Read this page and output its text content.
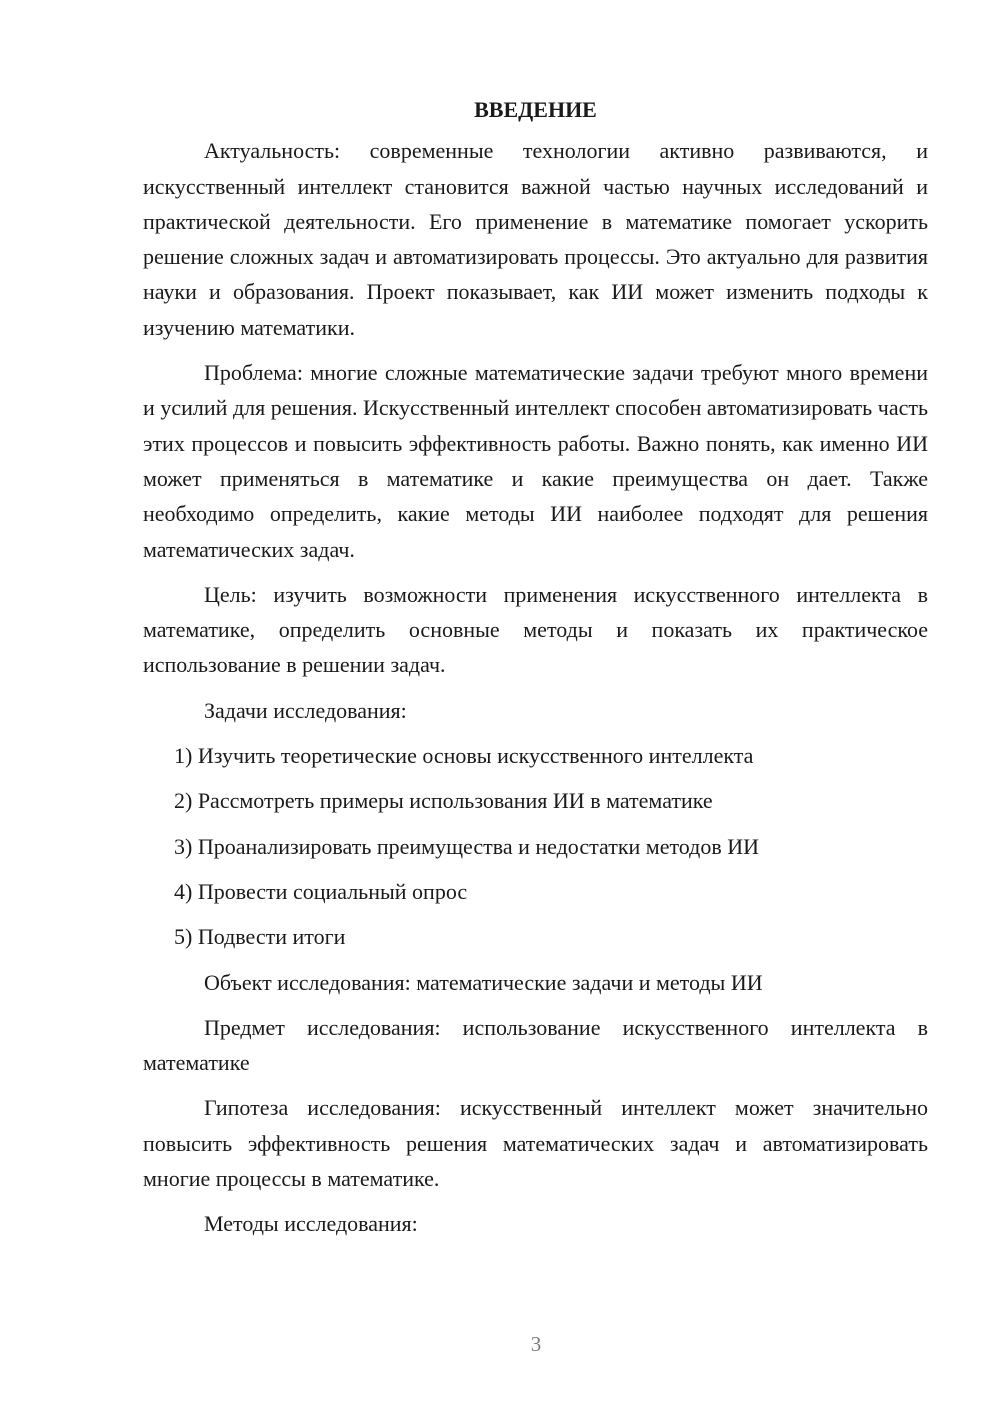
ВВЕДЕНИЕ

Актуальность: современные технологии активно развиваются, и искусственный интеллект становится важной частью научных исследований и практической деятельности. Его применение в математике помогает ускорить решение сложных задач и автоматизировать процессы. Это актуально для развития науки и образования. Проект показывает, как ИИ может изменить подходы к изучению математики.

Проблема: многие сложные математические задачи требуют много времени и усилий для решения. Искусственный интеллект способен автоматизировать часть этих процессов и повысить эффективность работы. Важно понять, как именно ИИ может применяться в математике и какие преимущества он дает. Также необходимо определить, какие методы ИИ наиболее подходят для решения математических задач.

Цель: изучить возможности применения искусственного интеллекта в математике, определить основные методы и показать их практическое использование в решении задач.

Задачи исследования:

1) Изучить теоретические основы искусственного интеллекта
2) Рассмотреть примеры использования ИИ в математике
3) Проанализировать преимущества и недостатки методов ИИ
4) Провести социальный опрос
5) Подвести итоги

Объект исследования: математические задачи и методы ИИ

Предмет исследования: использование искусственного интеллекта в математике

Гипотеза исследования: искусственный интеллект может значительно повысить эффективность решения математических задач и автоматизировать многие процессы в математике.

Методы исследования:

3
